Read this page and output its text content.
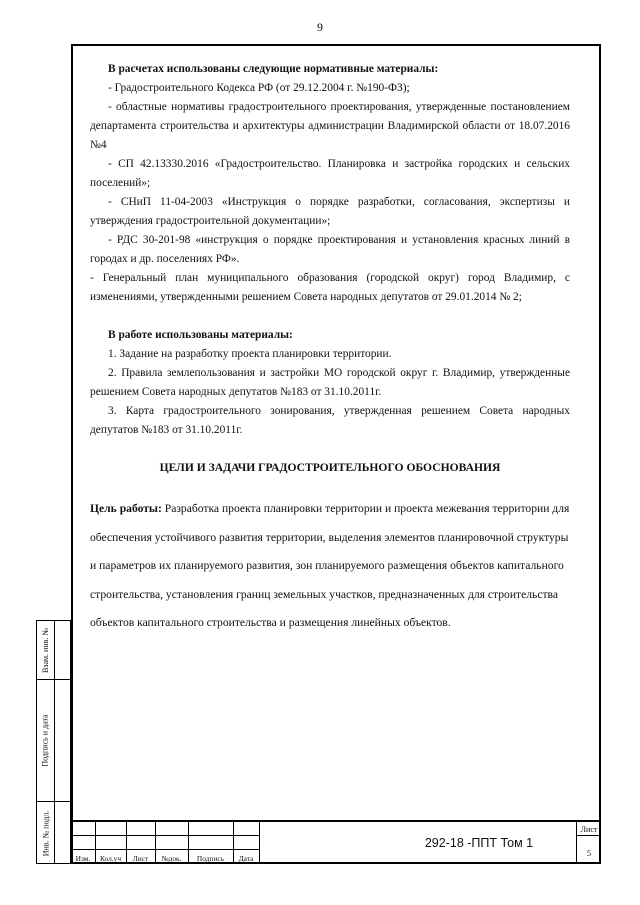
9

В расчетах использованы следующие нормативные материалы:

- Градостроительного Кодекса РФ (от 29.12.2004 г. №190-ФЗ);

- областные нормативы градостроительного проектирования, утвержденные постановлением департамента строительства и архитектуры администрации Владимирской области от 18.07.2016 №4

- СП 42.13330.2016 «Градостроительство. Планировка и застройка городских и сельских поселений»;

- СНиП 11-04-2003 «Инструкция о порядке разработки, согласования, экспертизы и утверждения градостроительной документации»;

- РДС 30-201-98 «инструкция о порядке проектирования и установления красных линий в городах и др. поселениях РФ».

- Генеральный план муниципального образования (городской округ) город Владимир, с изменениями, утвержденными решением Совета народных депутатов от 29.01.2014 № 2;

В работе использованы материалы:

1. Задание на разработку проекта планировки территории.

2. Правила землепользования и застройки МО городской округ г. Владимир, утвержденные решением Совета народных депутатов №183 от 31.10.2011г.

3. Карта градостроительного зонирования, утвержденная решением Совета народных депутатов №183 от 31.10.2011г.

ЦЕЛИ И ЗАДАЧИ ГРАДОСТРОИТЕЛЬНОГО ОБОСНОВАНИЯ

Цель работы: Разработка проекта планировки территории и проекта межевания территории для обеспечения устойчивого развития территории, выделения элементов планировочной структуры и параметров их планируемого развития, зон планируемого размещения объектов капитального строительства, установления границ земельных участков, предназначенных для строительства объектов капитального строительства и размещения линейных объектов.

Взам. инв. №
Подпись и дата
Инв. № подл.
Изм.	Кол.уч	Лист	№док.	Подпись	Дата
292-18 -ППТ Том 1
Лист
5
